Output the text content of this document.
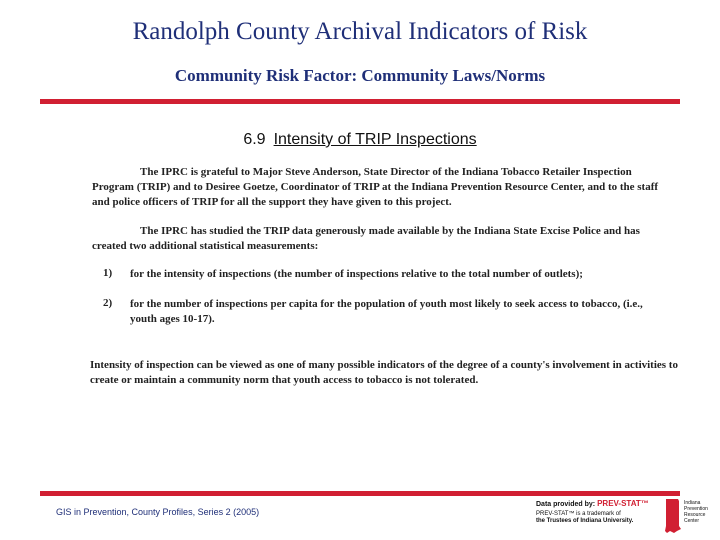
Randolph County Archival Indicators of Risk
Community Risk Factor: Community Laws/Norms
6.9 Intensity of TRIP Inspections
The IPRC is grateful to Major Steve Anderson, State Director of the Indiana Tobacco Retailer Inspection Program (TRIP) and to Desiree Goetze, Coordinator of TRIP at the Indiana Prevention Resource Center, and to the staff and police officers of TRIP for all the support they have given to this project.
The IPRC has studied the TRIP data generously made available by the Indiana State Excise Police and has created two additional statistical measurements:
1) for the intensity of inspections (the number of inspections relative to the total number of outlets);
2) for the number of inspections per capita for the population of youth most likely to seek access to tobacco, (i.e., youth ages 10-17).
Intensity of inspection can be viewed as one of many possible indicators of the degree of a county's involvement in activities to create or maintain a community norm that youth access to tobacco is not tolerated.
GIS in Prevention, County Profiles, Series 2 (2005)
Data provided by: PREV-STAT™
PREV-STAT™ is a trademark of
the Trustees of Indiana University.
Indiana Prevention Resource Center
